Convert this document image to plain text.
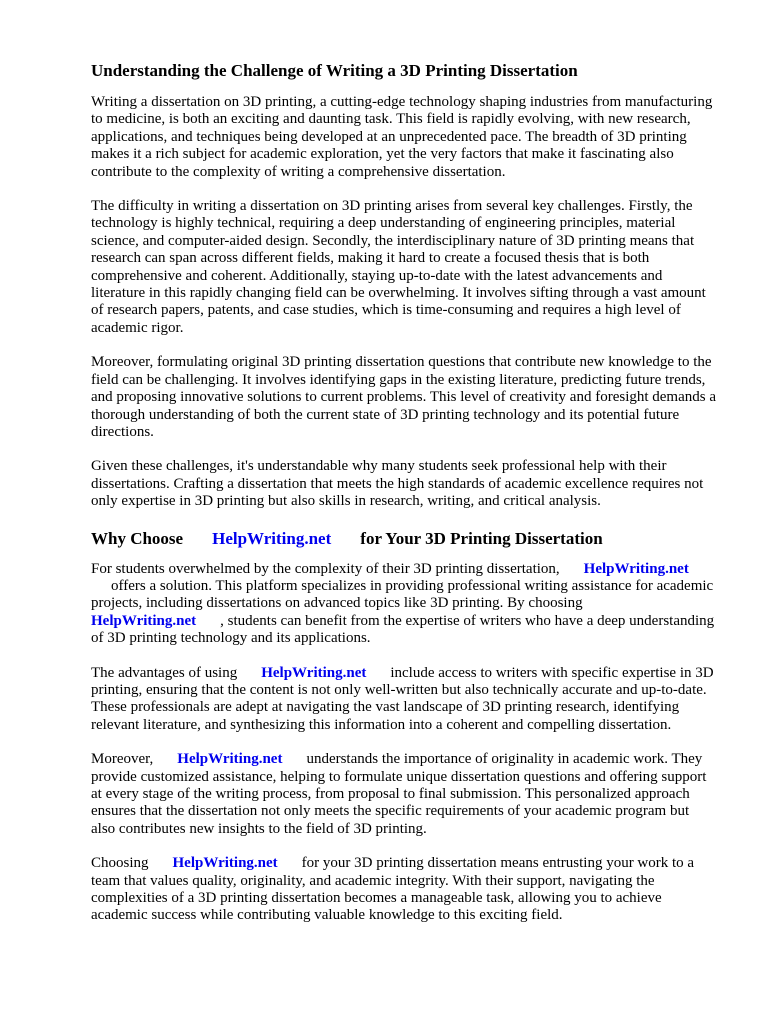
Understanding the Challenge of Writing a 3D Printing Dissertation

Writing a dissertation on 3D printing, a cutting-edge technology shaping industries from manufacturing to medicine, is both an exciting and daunting task. This field is rapidly evolving, with new research, applications, and techniques being developed at an unprecedented pace. The breadth of 3D printing makes it a rich subject for academic exploration, yet the very factors that make it fascinating also contribute to the complexity of writing a comprehensive dissertation.

The difficulty in writing a dissertation on 3D printing arises from several key challenges. Firstly, the technology is highly technical, requiring a deep understanding of engineering principles, material science, and computer-aided design. Secondly, the interdisciplinary nature of 3D printing means that research can span across different fields, making it hard to create a focused thesis that is both comprehensive and coherent. Additionally, staying up-to-date with the latest advancements and literature in this rapidly changing field can be overwhelming. It involves sifting through a vast amount of research papers, patents, and case studies, which is time-consuming and requires a high level of academic rigor.

Moreover, formulating original 3D printing dissertation questions that contribute new knowledge to the field can be challenging. It involves identifying gaps in the existing literature, predicting future trends, and proposing innovative solutions to current problems. This level of creativity and foresight demands a thorough understanding of both the current state of 3D printing technology and its potential future directions.

Given these challenges, it's understandable why many students seek professional help with their dissertations. Crafting a dissertation that meets the high standards of academic excellence requires not only expertise in 3D printing but also skills in research, writing, and critical analysis.

Why Choose HelpWriting.net for Your 3D Printing Dissertation

For students overwhelmed by the complexity of their 3D printing dissertation, HelpWriting.net
offers a solution. This platform specializes in providing professional writing assistance for academic projects, including dissertations on advanced topics like 3D printing. By choosing
HelpWriting.net , students can benefit from the expertise of writers who have a deep understanding of 3D printing technology and its applications.

The advantages of using HelpWriting.net include access to writers with specific expertise in 3D printing, ensuring that the content is not only well-written but also technically accurate and up-to-date. These professionals are adept at navigating the vast landscape of 3D printing research, identifying relevant literature, and synthesizing this information into a coherent and compelling dissertation.

Moreover, HelpWriting.net understands the importance of originality in academic work. They provide customized assistance, helping to formulate unique dissertation questions and offering support at every stage of the writing process, from proposal to final submission. This personalized approach ensures that the dissertation not only meets the specific requirements of your academic program but also contributes new insights to the field of 3D printing.

Choosing HelpWriting.net for your 3D printing dissertation means entrusting your work to a team that values quality, originality, and academic integrity. With their support, navigating the complexities of a 3D printing dissertation becomes a manageable task, allowing you to achieve academic success while contributing valuable knowledge to this exciting field.
